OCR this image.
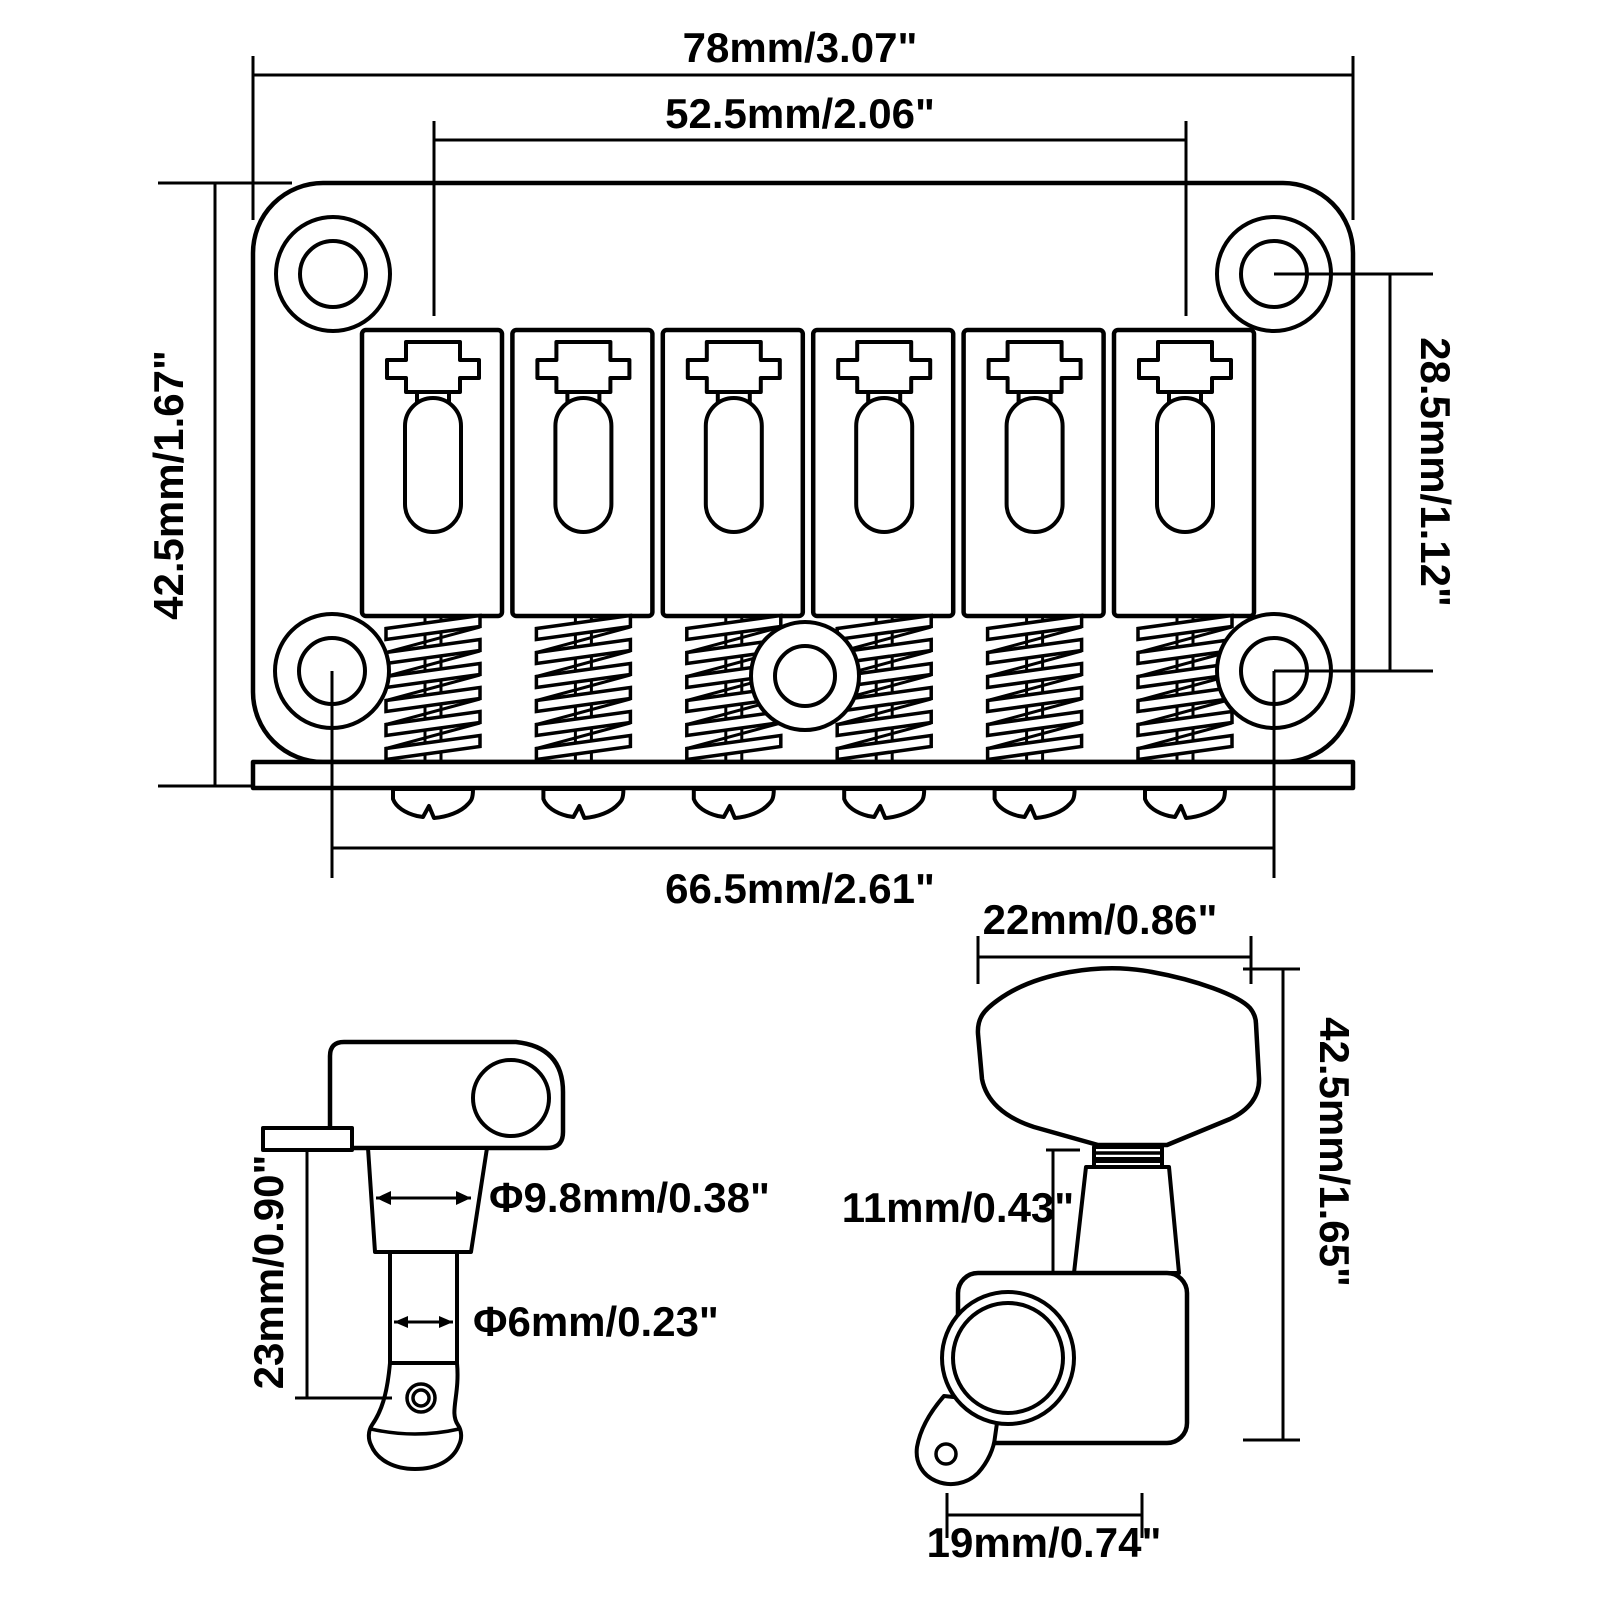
78mm/3.07"
52.5mm/2.06"
42.5mm/1.67"	28.5mm/1.12"
66.5mm/2.61"
23mm/0.90"	Φ9.8mm/0.38"
Φ6mm/0.23"
22mm/0.86"
11mm/0.43"	42.5mm/1.65"
19mm/0.74"
